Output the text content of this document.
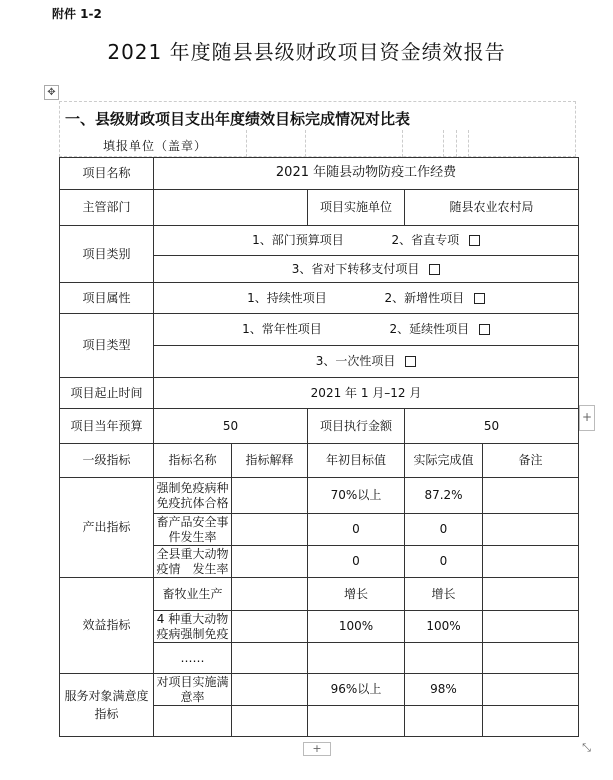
附件 1-2
2021 年度随县县级财政项目资金绩效报告
✥
一、县级财政项目支出年度绩效目标完成情况对比表
填报单位（盖章）
项目名称	2021 年随县动物防疫工作经费				
主管部门			项目实施单位	随县农业农村局	
项目类别	1、部门预算项目 2、省直专项				
	3、省对下转移支付项目				
项目属性	1、持续性项目 2、新增性项目				
项目类型	1、常年性项目 2、延续性项目				
	3、一次性项目				
项目起止时间	2021 年 1 月–12 月				
项目当年预算	50		项目执行金额	50	
一级指标	指标名称	指标解释	年初目标值	实际完成值	备注
产出指标	强制免疫病种免疫抗体合格		70%以上	87.2%	
	畜产品安全事件发生率		0	0	
	全县重大动物疫情　发生率		0	0	
效益指标	畜牧业生产		增长	增长	
	4 种重大动物疫病强制免疫		100%	100%	
	……				
服务对象满意度指标	对项目实施满意率		96%以上	98%	

+
+	⤡
